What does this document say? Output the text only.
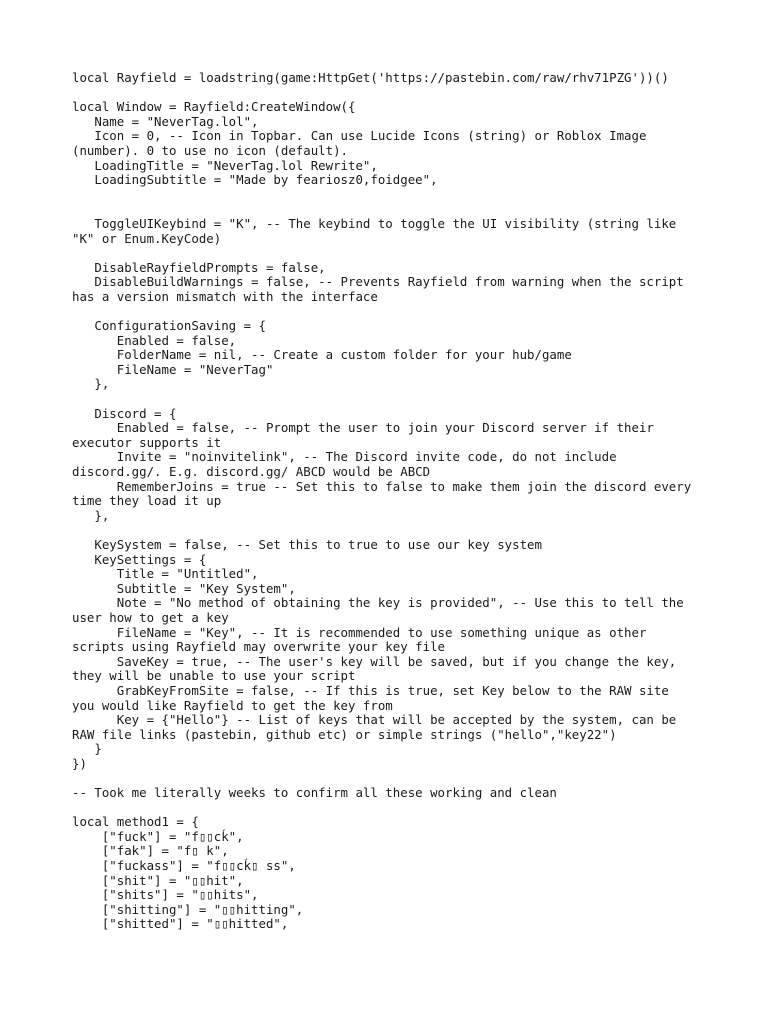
local Rayfield = loadstring(game:HttpGet('https://pastebin.com/raw/rhv71PZG'))()
local Window = Rayfield:CreateWindow({
Name = "NeverTag.lol",
Icon = 0, -- Icon in Topbar. Can use Lucide Icons (string) or Roblox Image
(number). 0 to use no icon (default).
LoadingTitle = "NeverTag.lol Rewrite",
LoadingSubtitle = "Made by feariosz0,foidgee",
ToggleUIKeybind = "K", -- The keybind to toggle the UI visibility (string like
"K" or Enum.KeyCode)
DisableRayfieldPrompts = false,
DisableBuildWarnings = false, -- Prevents Rayfield from warning when the script
has a version mismatch with the interface
ConfigurationSaving = {
Enabled = false,
FolderName = nil, -- Create a custom folder for your hub/game
FileName = "NeverTag"
},
Discord = {
Enabled = false, -- Prompt the user to join your Discord server if their
executor supports it
Invite = "noinvitelink", -- The Discord invite code, do not include
discord.gg/. E.g. discord.gg/ ABCD would be ABCD
RememberJoins = true -- Set this to false to make them join the discord every
time they load it up
},
KeySystem = false, -- Set this to true to use our key system
KeySettings = {
Title = "Untitled",
Subtitle = "Key System",
Note = "No method of obtaining the key is provided", -- Use this to tell the
user how to get a key
FileName = "Key", -- It is recommended to use something unique as other
scripts using Rayfield may overwrite your key file
SaveKey = true, -- The user's key will be saved, but if you change the key,
they will be unable to use your script
GrabKeyFromSite = false, -- If this is true, set Key below to the RAW site
you would like Rayfield to get the key from
Key = {"Hello"} -- List of keys that will be accepted by the system, can be
RAW file links (pastebin, github etc) or simple strings ("hello","key22")
}
})
-- Took me literally weeks to confirm all these working and clean
local method1 = {
["fuck"] = "f▯▯cḱ",
["fak"] = "f▯ k",
["fuckass"] = "f▯▯cḱ▯ ss",
["shit"] = "▯▯hit",
["shits"] = "▯▯hits",
["shitting"] = "▯▯hitting",
["shitted"] = "▯▯hitted",
